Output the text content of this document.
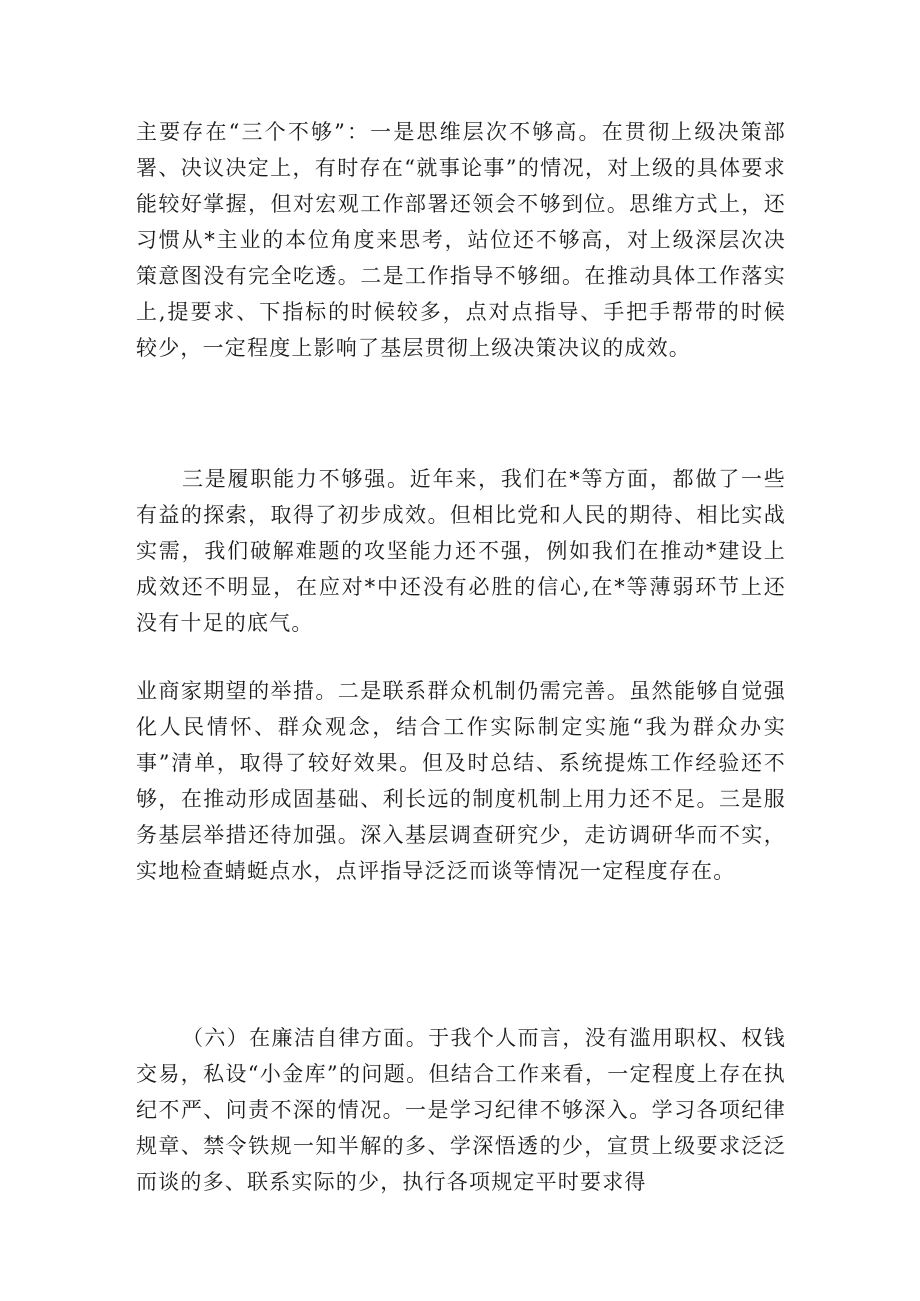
主要存在“三个不够”：一是思维层次不够高。在贯彻上级决策部署、决议决定上，有时存在“就事论事”的情况，对上级的具体要求能较好掌握，但对宏观工作部署还领会不够到位。思维方式上，还习惯从*主业的本位角度来思考，站位还不够高，对上级深层次决策意图没有完全吃透。二是工作指导不够细。在推动具体工作落实上,提要求、下指标的时候较多，点对点指导、手把手帮带的时候较少，一定程度上影响了基层贯彻上级决策决议的成效。

三是履职能力不够强。近年来，我们在*等方面，都做了一些有益的探索，取得了初步成效。但相比党和人民的期待、相比实战实需，我们破解难题的攻坚能力还不强，例如我们在推动*建设上成效还不明显，在应对*中还没有必胜的信心,在*等薄弱环节上还没有十足的底气。

业商家期望的举措。二是联系群众机制仍需完善。虽然能够自觉强化人民情怀、群众观念，结合工作实际制定实施“我为群众办实事”清单，取得了较好效果。但及时总结、系统提炼工作经验还不够，在推动形成固基础、利长远的制度机制上用力还不足。三是服务基层举措还待加强。深入基层调查研究少，走访调研华而不实，实地检查蜻蜓点水，点评指导泛泛而谈等情况一定程度存在。

（六）在廉洁自律方面。于我个人而言，没有滥用职权、权钱交易，私设“小金库”的问题。但结合工作来看，一定程度上存在执纪不严、问责不深的情况。一是学习纪律不够深入。学习各项纪律规章、禁令铁规一知半解的多、学深悟透的少，宣贯上级要求泛泛而谈的多、联系实际的少，执行各项规定平时要求得
